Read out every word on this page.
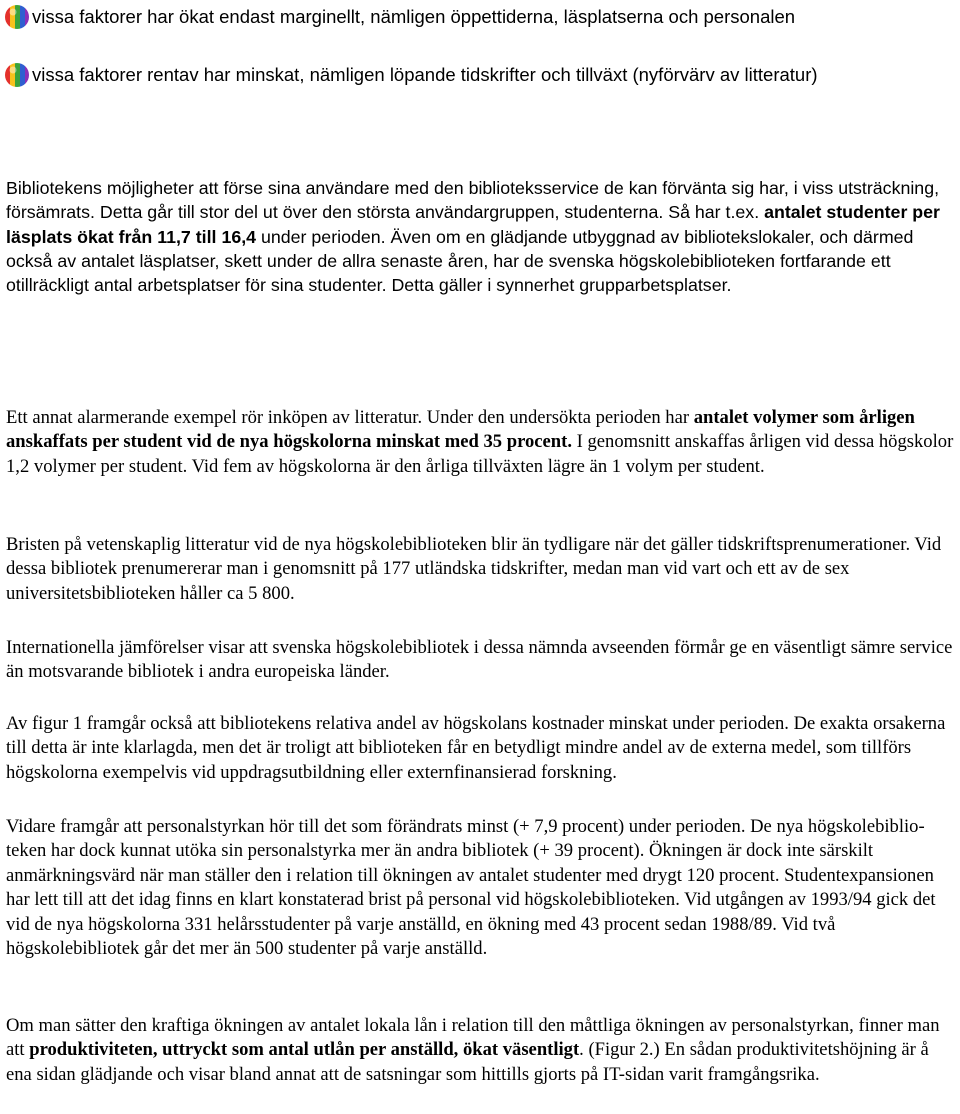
vissa faktorer har ökat endast marginellt, nämligen öppettiderna, läsplatserna och personalen
vissa faktorer rentav har minskat, nämligen löpande tidskrifter och tillväxt (nyförvärv av litteratur)

Bibliotekens möjligheter att förse sina användare med den biblioteksservice de kan förvänta sig har, i viss utsträckning, försämrats. Detta går till stor del ut över den största användargruppen, studenterna. Så har t.ex. antalet studenter per läsplats ökat från 11,7 till 16,4 under perioden. Även om en glädjande utbyggnad av bibliotekslokaler, och därmed också av antalet läsplatser, skett under de allra senaste åren, har de svenska högskolebiblioteken fortfarande ett otillräckligt antal arbetsplatser för sina studenter. Detta gäller i synnerhet grupparbetsplatser.

Ett annat alarmerande exempel rör inköpen av litteratur. Under den undersökta perioden har antalet volymer som årligen anskaffats per student vid de nya högskolorna minskat med 35 procent. I genomsnitt anskaffas årligen vid dessa högskolor 1,2 volymer per student. Vid fem av högskolorna är den årliga tillväxten lägre än 1 volym per student.

Bristen på vetenskaplig litteratur vid de nya högskolebiblioteken blir än tydligare när det gäller tidskriftsprenumerationer. Vid dessa bibliotek prenumererar man i genomsnitt på 177 utländska tidskrifter, medan man vid vart och ett av de sex universitetsbiblioteken håller ca 5 800.

Internationella jämförelser visar att svenska högskolebibliotek i dessa nämnda avseenden förmår ge en väsentligt sämre service än motsvarande bibliotek i andra europeiska länder.

Av figur 1 framgår också att bibliotekens relativa andel av högskolans kostnader minskat under perioden. De exakta orsakerna till detta är inte klarlagda, men det är troligt att biblioteken får en betydligt mindre andel av de externa medel, som tillförs högskolorna exempelvis vid uppdragsutbildning eller externfinansierad forskning.

Vidare framgår att personalstyrkan hör till det som förändrats minst (+ 7,9 procent) under perioden. De nya högskolebiblio-teken har dock kunnat utöka sin personalstyrka mer än andra bibliotek (+ 39 procent). Ökningen är dock inte särskilt anmärkningsvärd när man ställer den i relation till ökningen av antalet studenter med drygt 120 procent. Studentexpansionen har lett till att det idag finns en klart konstaterad brist på personal vid högskolebiblioteken. Vid utgången av 1993/94 gick det vid de nya högskolorna 331 helårsstudenter på varje anställd, en ökning med 43 procent sedan 1988/89. Vid två högskolebibliotek går det mer än 500 studenter på varje anställd.

Om man sätter den kraftiga ökningen av antalet lokala lån i relation till den måttliga ökningen av personalstyrkan, finner man att produktiviteten, uttryckt som antal utlån per anställd, ökat väsentligt. (Figur 2.) En sådan produktivitetshöjning är å ena sidan glädjande och visar bland annat att de satsningar som hittills gjorts på IT-sidan varit framgångsrika.
